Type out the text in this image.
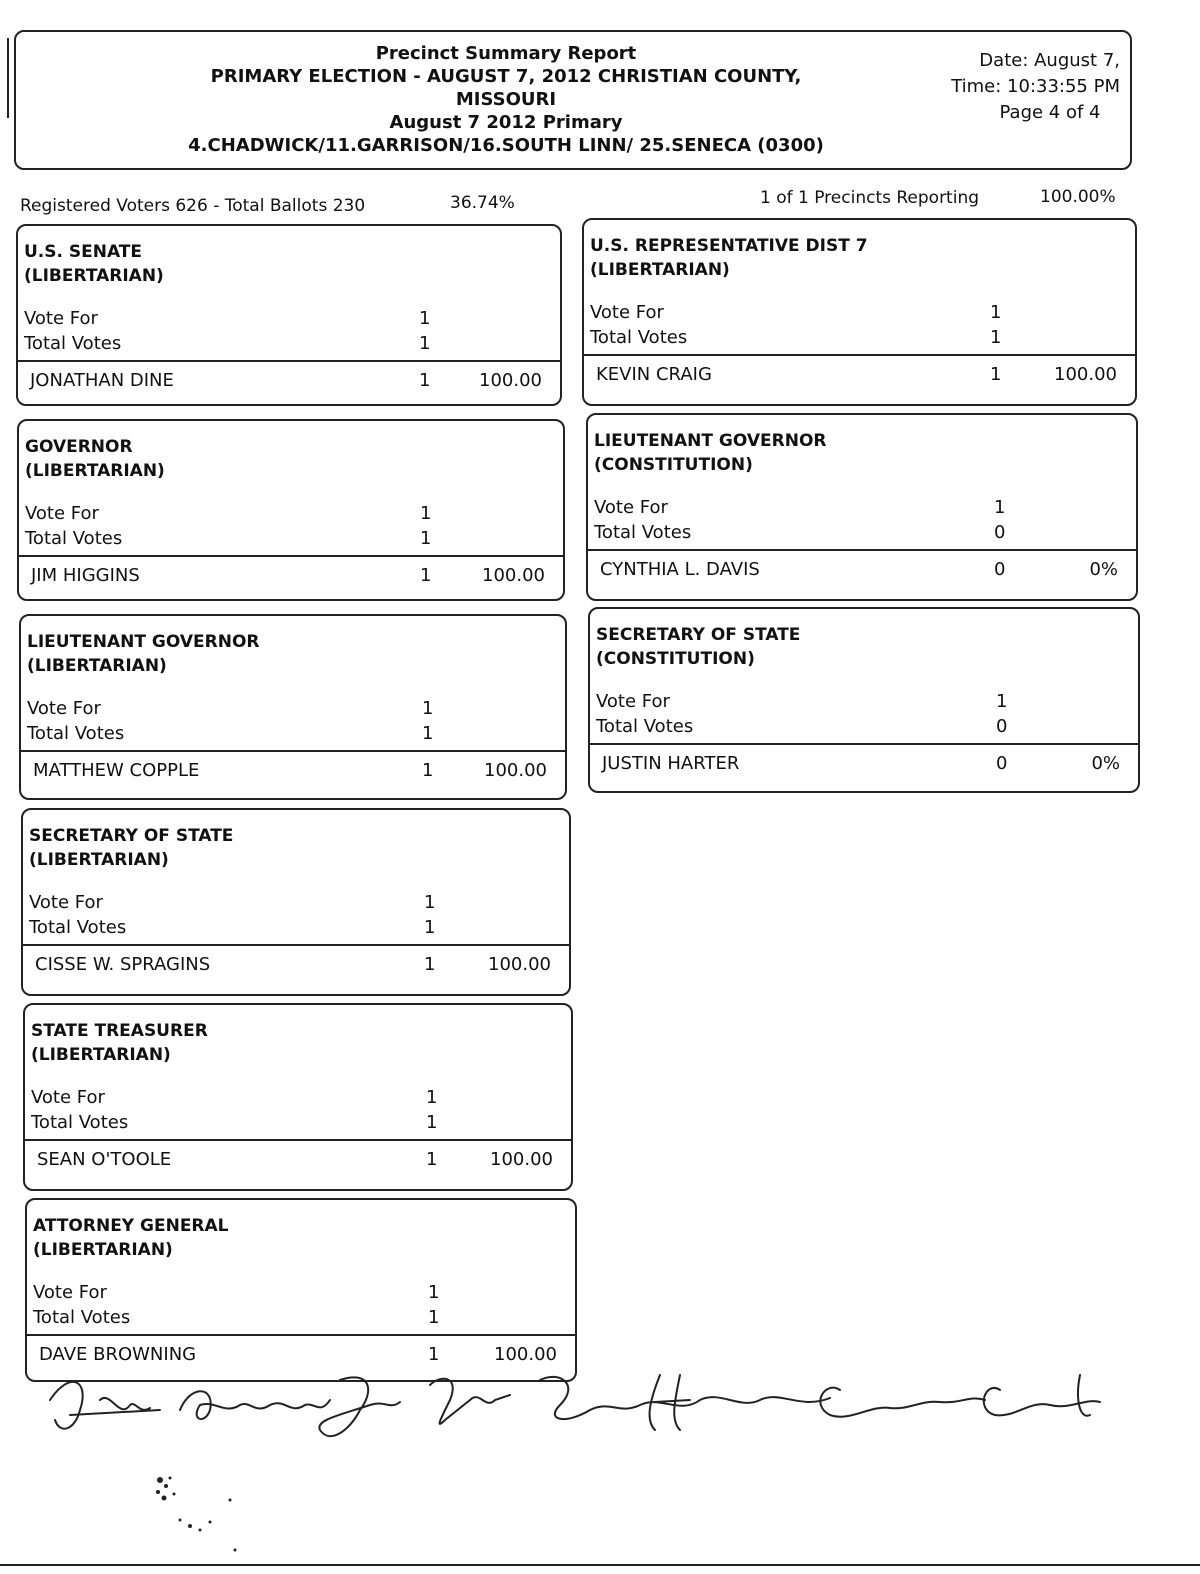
Precinct Summary Report
PRIMARY ELECTION - AUGUST 7, 2012 CHRISTIAN COUNTY,
MISSOURI
August 7 2012 Primary
4.CHADWICK/11.GARRISON/16.SOUTH LINN/ 25.SENECA (0300)
Date: August 7,
Time: 10:33:55 PM
Page 4 of 4
Registered Voters 626 - Total Ballots 230	36.74%	1 of 1 Precincts Reporting	100.00%
U.S. SENATE
(LIBERTARIAN)
Vote For	1
Total Votes	1
JONATHAN DINE	1	100.00
GOVERNOR
(LIBERTARIAN)
Vote For	1
Total Votes	1
JIM HIGGINS	1	100.00
LIEUTENANT GOVERNOR
(LIBERTARIAN)
Vote For	1
Total Votes	1
MATTHEW COPPLE	1	100.00
SECRETARY OF STATE
(LIBERTARIAN)
Vote For	1
Total Votes	1
CISSE W. SPRAGINS	1	100.00
STATE TREASURER
(LIBERTARIAN)
Vote For	1
Total Votes	1
SEAN O'TOOLE	1	100.00
ATTORNEY GENERAL
(LIBERTARIAN)
Vote For	1
Total Votes	1
DAVE BROWNING	1	100.00
U.S. REPRESENTATIVE DIST 7
(LIBERTARIAN)
Vote For	1
Total Votes	1
KEVIN CRAIG	1	100.00
LIEUTENANT GOVERNOR
(CONSTITUTION)
Vote For	1
Total Votes	0
CYNTHIA L. DAVIS	0	0%
SECRETARY OF STATE
(CONSTITUTION)
Vote For	1
Total Votes	0
JUSTIN HARTER	0	0%
